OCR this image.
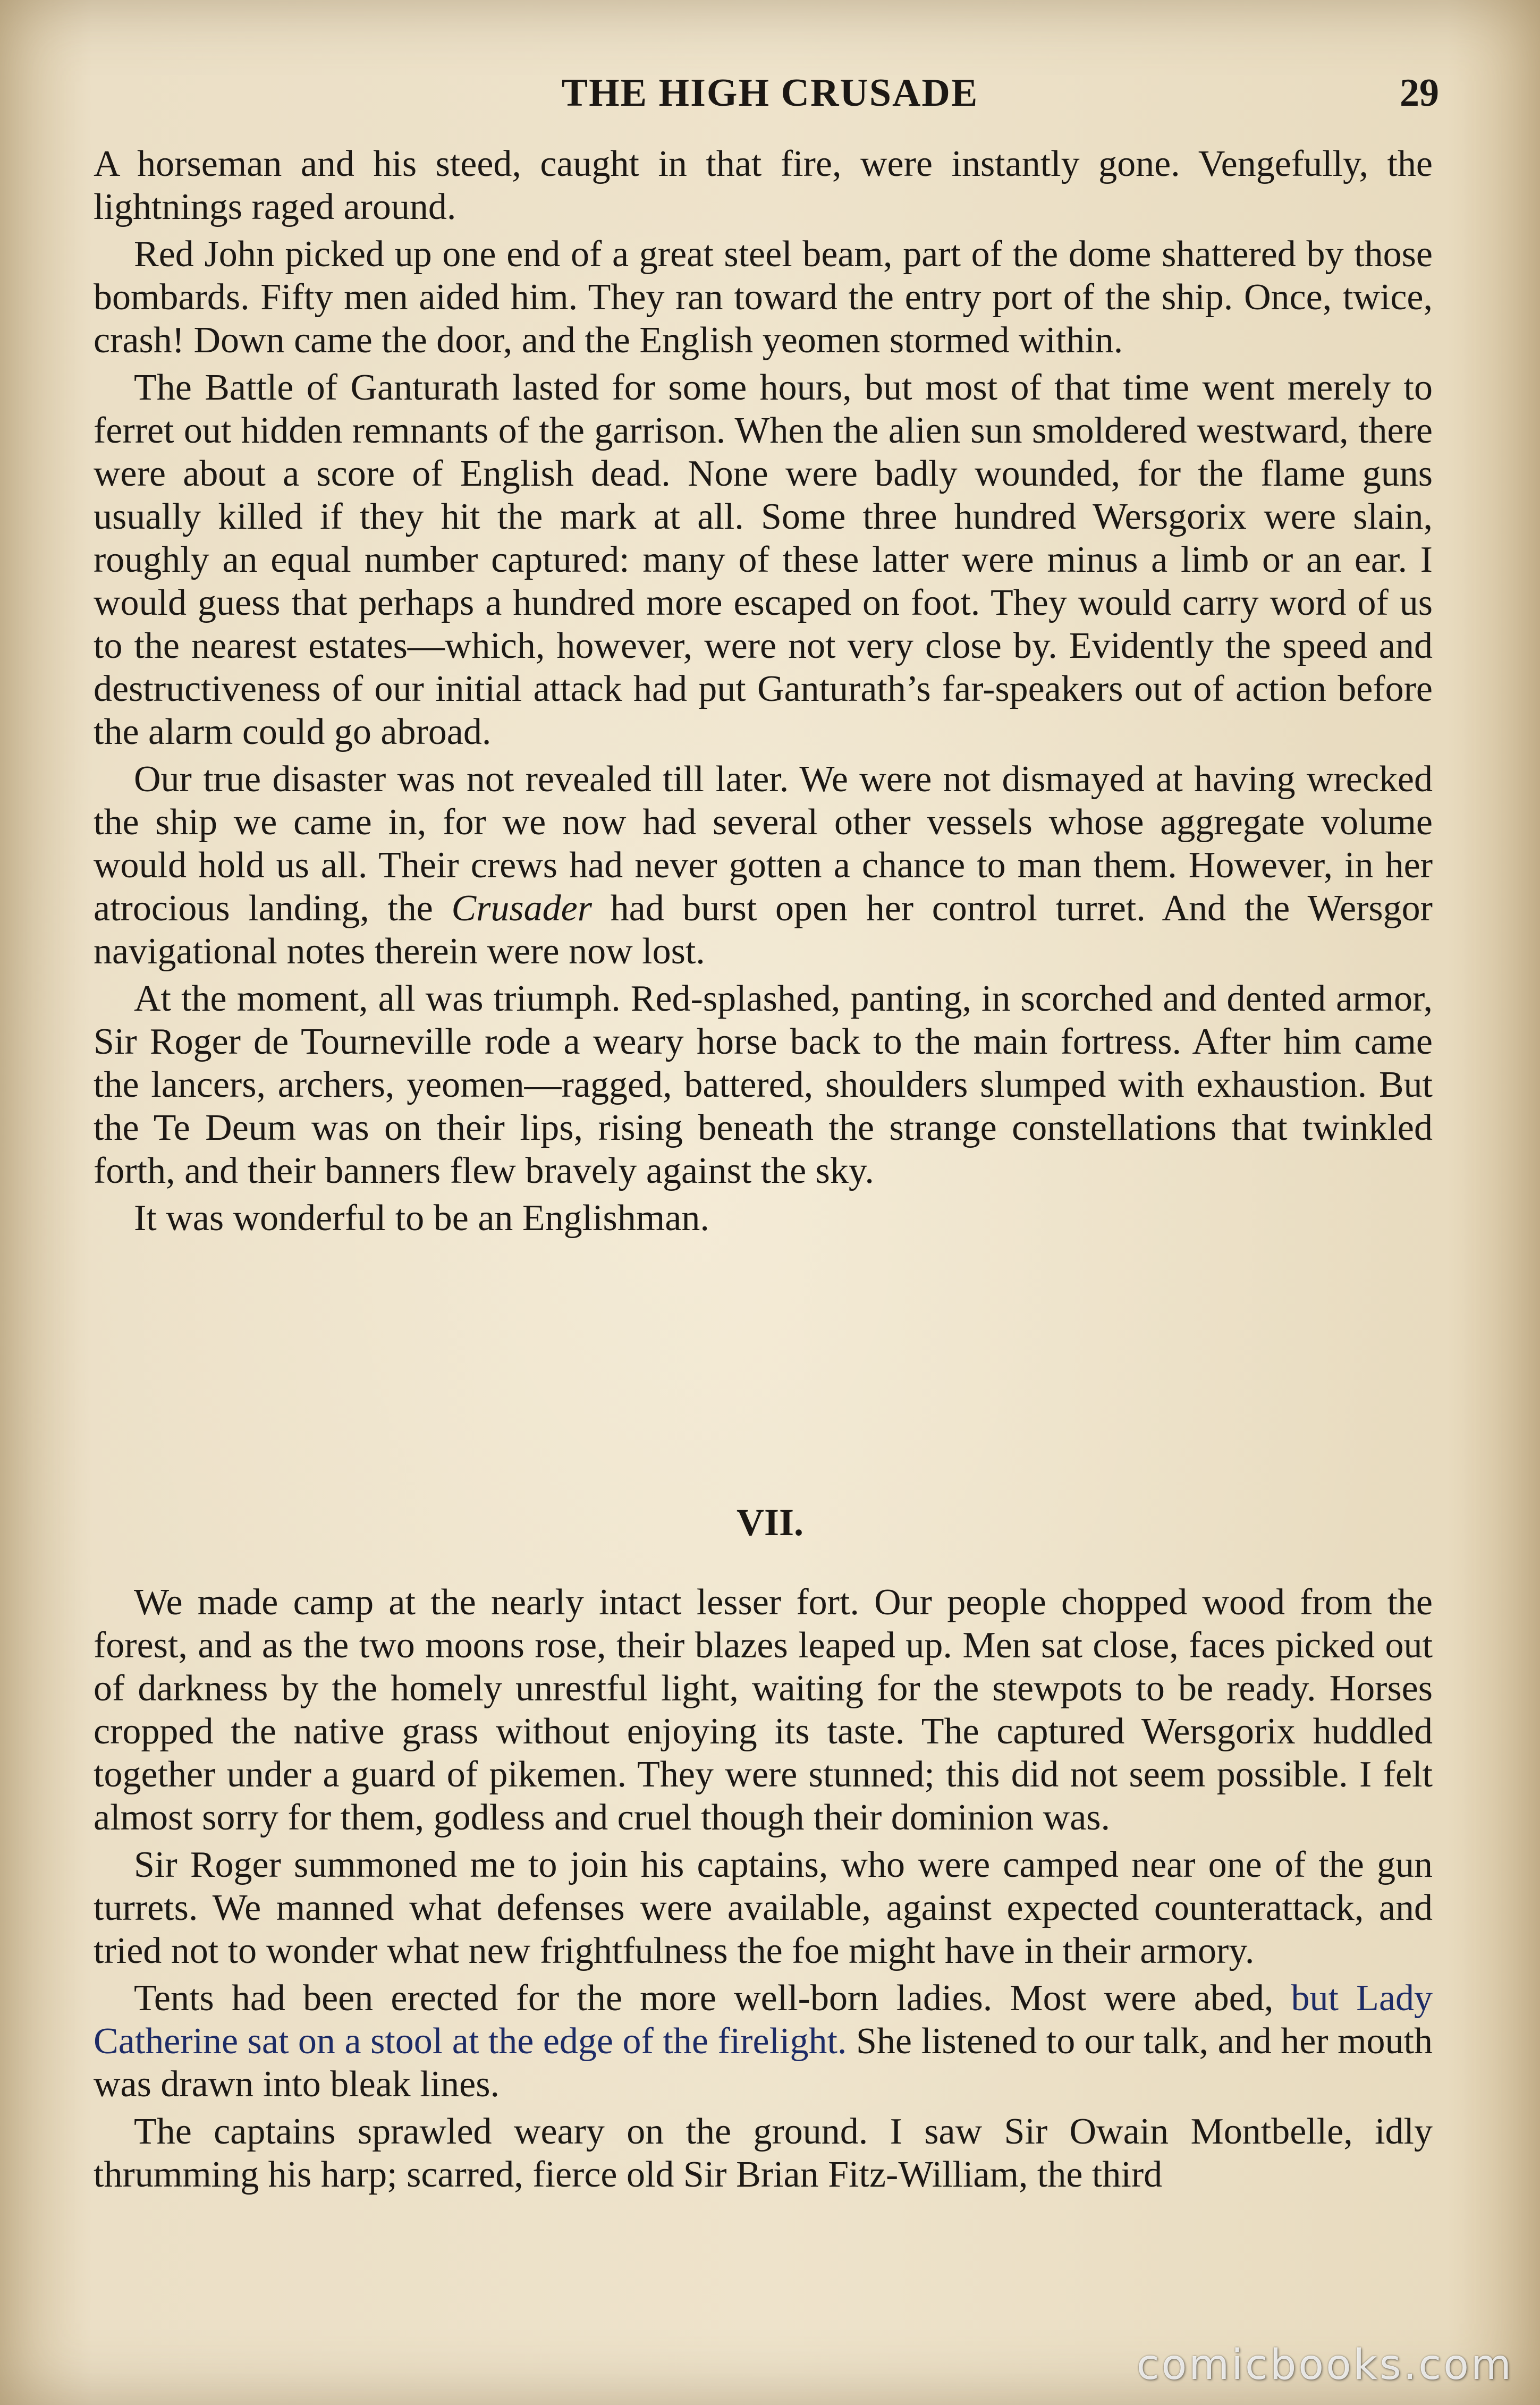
THE HIGH CRUSADE	29

A horseman and his steed, caught in that fire, were instantly gone. Vengefully, the lightnings raged around.

Red John picked up one end of a great steel beam, part of the dome shattered by those bombards. Fifty men aided him. They ran toward the entry port of the ship. Once, twice, crash! Down came the door, and the English yeomen stormed within.

The Battle of Ganturath lasted for some hours, but most of that time went merely to ferret out hidden remnants of the garrison. When the alien sun smoldered westward, there were about a score of English dead. None were badly wounded, for the flame guns usually killed if they hit the mark at all. Some three hundred Wersgorix were slain, roughly an equal number captured: many of these latter were minus a limb or an ear. I would guess that perhaps a hundred more escaped on foot. They would carry word of us to the nearest estates—which, however, were not very close by. Evidently the speed and destructiveness of our initial attack had put Ganturath’s far-speakers out of action before the alarm could go abroad.

Our true disaster was not revealed till later. We were not dismayed at having wrecked the ship we came in, for we now had several other vessels whose aggregate volume would hold us all. Their crews had never gotten a chance to man them. However, in her atrocious landing, the Crusader had burst open her control turret. And the Wersgor navigational notes therein were now lost.

At the moment, all was triumph. Red-splashed, panting, in scorched and dented armor, Sir Roger de Tourneville rode a weary horse back to the main fortress. After him came the lancers, archers, yeomen—ragged, battered, shoulders slumped with exhaustion. But the Te Deum was on their lips, rising beneath the strange constellations that twinkled forth, and their banners flew bravely against the sky.

It was wonderful to be an Englishman.

VII.

We made camp at the nearly intact lesser fort. Our people chopped wood from the forest, and as the two moons rose, their blazes leaped up. Men sat close, faces picked out of darkness by the homely unrestful light, waiting for the stewpots to be ready. Horses cropped the native grass without enjoying its taste. The captured Wersgorix huddled together under a guard of pikemen. They were stunned; this did not seem possible. I felt almost sorry for them, godless and cruel though their dominion was.

Sir Roger summoned me to join his captains, who were camped near one of the gun turrets. We manned what defenses were available, against expected counterattack, and tried not to wonder what new frightfulness the foe might have in their armory.

Tents had been erected for the more well-born ladies. Most were abed, but Lady Catherine sat on a stool at the edge of the firelight. She listened to our talk, and her mouth was drawn into bleak lines.

The captains sprawled weary on the ground. I saw Sir Owain Montbelle, idly thrumming his harp; scarred, fierce old Sir Brian Fitz-William, the third

comicbooks.com
